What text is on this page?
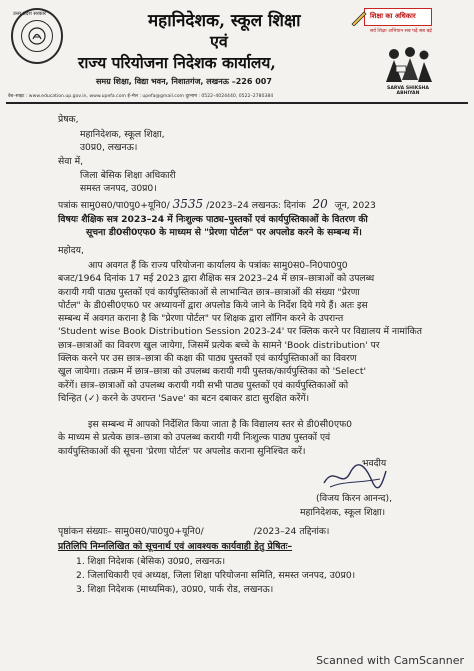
उत्तर प्रदेश सरकार	महानिदेशक, स्कूल शिक्षा
एवं
राज्य परियोजना निदेशक कार्यालय,
समग्र शिक्षा, विद्या भवन, निशातगंज, लखनऊ –226 007
शिक्षा का अधिकार
सर्व शिक्षा अभियान सब पढ़ें सब बढ़ें
SARVA SHIKSHA ABHIYAN
वेब–साइट : www.education.up.gov.in, www.upefa.com ई–मेल : upefa@gmail.com दूरभाष : 0522–4024440, 0522–2780384
प्रेषक,
महानिदेशक, स्कूल शिक्षा,
उ0प्र0, लखनऊ।
सेवा में,
जिला बेसिक शिक्षा अधिकारी
समस्त जनपद, उ0प्र0।
पत्रांक सामु0स0/पा0पु0+यूनि0/ 3535 /2023–24 लखनऊ: दिनांक 20 जून, 2023
विषयः शैक्षिक सत्र 2023–24 में निःशुल्क पाठ्य–पुस्तकों एवं कार्यपुस्तिकाओं के वितरण की
सूचना डी0सी0एफ0 के माध्यम से "प्रेरणा पोर्टल" पर अपलोड करने के सम्बन्ध में।
महोदय,
आप अवगत हैं कि राज्य परियोजना कार्यालय के पत्रांकः सामु0स0–नि0पा0पु0
बजट/1964 दिनांक 17 मई 2023 द्वारा शैक्षिक सत्र 2023–24 में छात्र–छात्राओं को उपलब्ध
करायी गयी पाठ्य पुस्तकों एवं कार्यपुस्तिकाओं से लाभान्वित छात्र–छात्राओं की संख्या "प्रेरणा
पोर्टल" के डी0सी0एफ0 पर अध्यायनों द्वारा अपलोड किये जाने के निर्देश दिये गये हैं। अतः इस
सम्बन्ध में अवगत कराना है कि "प्रेरणा पोर्टल" पर शिक्षक द्वारा लॉगिन करने के उपरान्त
'Student wise Book Distribution Session 2023-24' पर क्लिक करने पर विद्यालय में नामांकित
छात्र–छात्राओं का विवरण खुल जायेगा, जिसमें प्रत्येक बच्चे के सामने 'Book distribution' पर
क्लिक करने पर उस छात्र–छात्रा की कक्षा की पाठ्य पुस्तकों एवं कार्यपुस्तिकाओं का विवरण
खुल जायेगा। तत्क्रम में छात्र–छात्रा को उपलब्ध करायी गयी पुस्तक/कार्यपुस्तिका को 'Select'
करेंगें। छात्र–छात्राओं को उपलब्ध करायी गयी सभी पाठ्य पुस्तकों एवं कार्यपुस्तिकाओं को
चिन्हित (✓) करने के उपरान्त 'Save' का बटन दबाकर डाटा सुरक्षित करेंगें।
इस सम्बन्ध में आपको निर्देशित किया जाता है कि विद्यालय स्तर से डी0सी0एफ0
के माध्यम से प्रत्येक छात्र–छात्रा को उपलब्ध करायी गयी निःशुल्क पाठ्य पुस्तकों एवं
कार्यपुस्तिकाओं की सूचना 'प्रेरणा पोर्टल' पर अपलोड कराना सुनिश्चित करें।
भवदीय
(विजय किरन आनन्द),
महानिदेशक, स्कूल शिक्षा।
पृष्ठांकन संख्याः– सामु0स0/पा0पु0+यूनि0/	/2023–24 तद्दिनांक।
प्रतिलिपि निम्नलिखित को सूचनार्थ एवं आवश्यक कार्यवाही हेतु प्रेषितः–
1. शिक्षा निदेशक (बेसिक) उ0प्र0, लखनऊ।
2. जिलाधिकारी एवं अध्यक्ष, जिला शिक्षा परियोजना समिति, समस्त जनपद, उ0प्र0।
3. शिक्षा निदेशक (माध्यमिक), उ0प्र0, पार्क रोड, लखनऊ।
Scanned with CamScanner
